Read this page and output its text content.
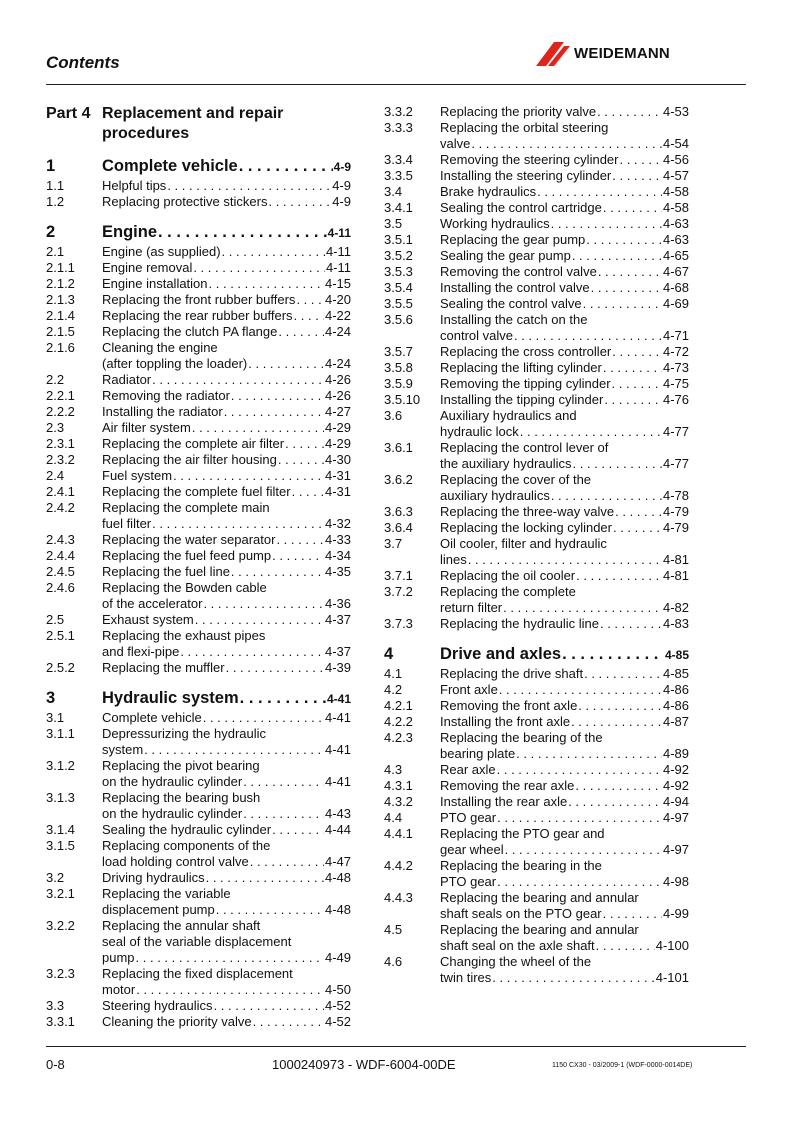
Contents	WEIDEMANN
Part 4 Replacement and repair
procedures
1	Complete vehicle . . .	4-9
1.1	Helpful tips . . .	4-9
1.2	Replacing protective stickers . . .	4-9
2	Engine . . .	4-11
2.1	Engine (as supplied) . . .	4-11
2.1.1 Engine removal . . .	4-11
2.1.2 Engine installation . . .	4-15
2.1.3 Replacing the front rubber buffers . . . 4-20
2.1.4 Replacing the rear rubber buffers . . . 4-22
2.1.5 Replacing the clutch PA flange . . .	4-24
2.1.6 Cleaning the engine
(after toppling the loader) . . .	4-24
2.2	Radiator . . .	4-26
2.2.1 Removing the radiator . . .	4-26
2.2.2 Installing the radiator . . .	4-27
2.3	Air filter system . . .	4-29
2.3.1 Replacing the complete air filter . . .	4-29
2.3.2 Replacing the air filter housing . . .	4-30
2.4	Fuel system . . .	4-31
2.4.1 Replacing the complete fuel filter . . .	4-31
2.4.2 Replacing the complete main
fuel filter . . .	4-32
2.4.3 Replacing the water separator . . .	4-33
2.4.4 Replacing the fuel feed pump . . .	4-34
2.4.5 Replacing the fuel line . . .	4-35
2.4.6 Replacing the Bowden cable
of the accelerator . . .	4-36
2.5	Exhaust system . . .	4-37
2.5.1 Replacing the exhaust pipes
and flexi-pipe . . .	4-37
2.5.2 Replacing the muffler . . .	4-39
3	Hydraulic system . . .	4-41
3.1	Complete vehicle . . .	4-41
3.1.1 Depressurizing the hydraulic
system . . .	4-41
3.1.2 Replacing the pivot bearing
on the hydraulic cylinder . . .	4-41
3.1.3 Replacing the bearing bush
on the hydraulic cylinder . . .	4-43
3.1.4 Sealing the hydraulic cylinder . . .	4-44
3.1.5 Replacing components of the
load holding control valve . . .	4-47
3.2	Driving hydraulics . . .	4-48
3.2.1 Replacing the variable
displacement pump . . .	4-48
3.2.2 Replacing the annular shaft
seal of the variable displacement
pump . . .	4-49
3.2.3 Replacing the fixed displacement
motor . . .	4-50
3.3	Steering hydraulics . . .	4-52
3.3.1 Cleaning the priority valve . . .	4-52
3.3.2 Replacing the priority valve . . .	4-53
3.3.3 Replacing the orbital steering
valve . . .	4-54
3.3.4 Removing the steering cylinder . . .	4-56
3.3.5 Installing the steering cylinder . . .	4-57
3.4	Brake hydraulics . . .	4-58
3.4.1 Sealing the control cartridge . . .	4-58
3.5	Working hydraulics . . .	4-63
3.5.1 Replacing the gear pump . . .	4-63
3.5.2 Sealing the gear pump . . .	4-65
3.5.3 Removing the control valve . . .	4-67
3.5.4 Installing the control valve . . .	4-68
3.5.5 Sealing the control valve . . .	4-69
3.5.6 Installing the catch on the
control valve . . .	4-71
3.5.7 Replacing the cross controller . . .	4-72
3.5.8 Replacing the lifting cylinder . . .	4-73
3.5.9 Removing the tipping cylinder . . .	4-75
3.5.10 Installing the tipping cylinder . . .	4-76
3.6	Auxiliary hydraulics and
hydraulic lock . . .	4-77
3.6.1 Replacing the control lever of
the auxiliary hydraulics . . .	4-77
3.6.2 Replacing the cover of the
auxiliary hydraulics . . .	4-78
3.6.3 Replacing the three-way valve . . .	4-79
3.6.4 Replacing the locking cylinder . . .	4-79
3.7	Oil cooler, filter and hydraulic
lines . . .	4-81
3.7.1 Replacing the oil cooler . . .	4-81
3.7.2 Replacing the complete
return filter . . .	4-82
3.7.3 Replacing the hydraulic line . . .	4-83
4	Drive and axles . . .	4-85
4.1	Replacing the drive shaft . . .	4-85
4.2	Front axle . . .	4-86
4.2.1 Removing the front axle . . .	4-86
4.2.2 Installing the front axle . . .	4-87
4.2.3 Replacing the bearing of the
bearing plate . . .	4-89
4.3	Rear axle . . .	4-92
4.3.1 Removing the rear axle . . .	4-92
4.3.2 Installing the rear axle . . .	4-94
4.4	PTO gear . . .	4-97
4.4.1 Replacing the PTO gear and
gear wheel . . .	4-97
4.4.2 Replacing the bearing in the
PTO gear . . .	4-98
4.4.3 Replacing the bearing and annular
shaft seals on the PTO gear . . .	4-99
4.5	Replacing the bearing and annular
shaft seal on the axle shaft . . .	4-100
4.6	Changing the wheel of the
twin tires . . .	4-101
0-8	1000240973 - WDF-6004-00DE	1150 CX30 - 03/2009-1 (WDF-0000-0014DE)
